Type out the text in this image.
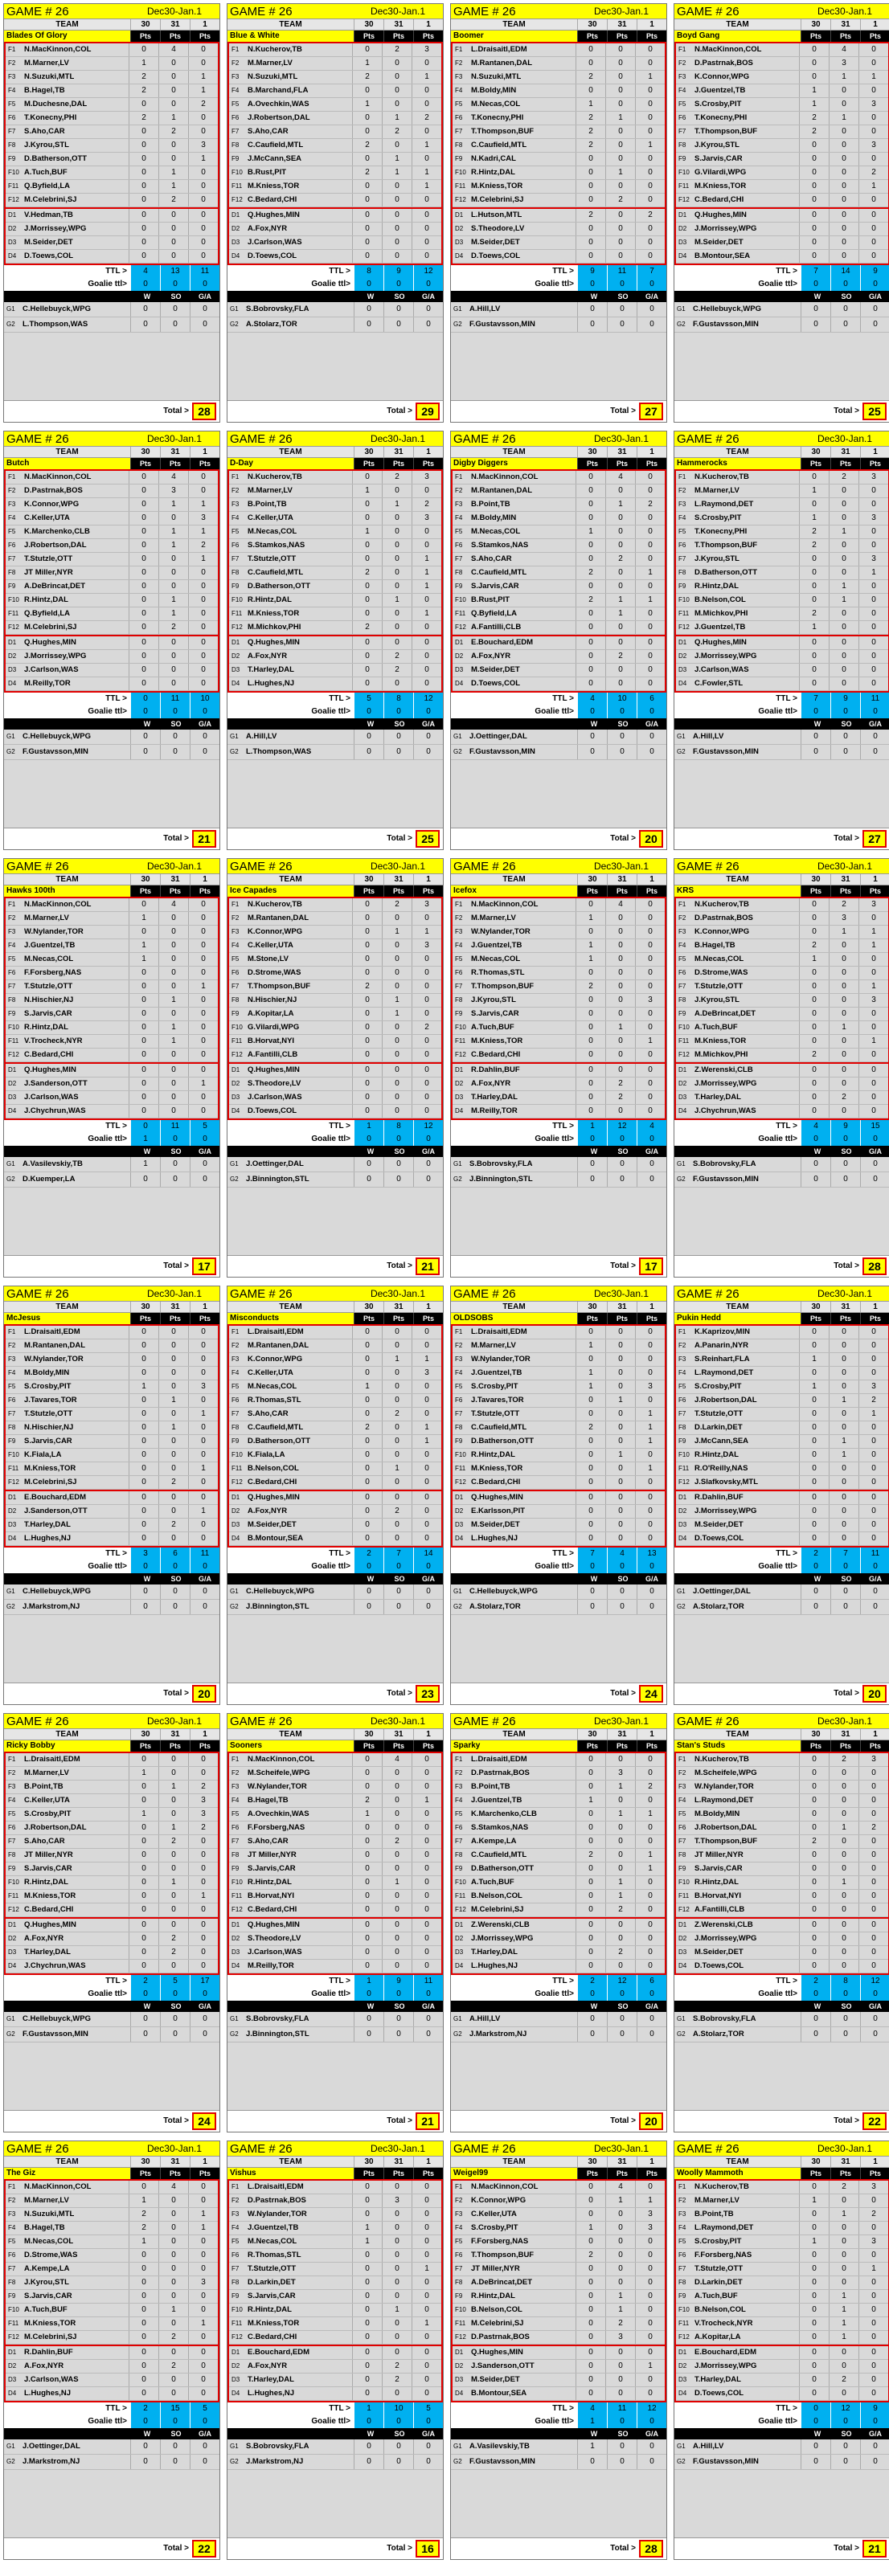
GAME # 26	Dec30-Jan.1
TEAM	30	31	1
Blades Of Glory	Pts	Pts	Pts
F1	N.MacKinnon,COL	0	4	0
F2	M.Marner,LV	1	0	0
F3	N.Suzuki,MTL	2	0	1
F4	B.Hagel,TB	2	0	1
F5	M.Duchesne,DAL	0	0	2
F6	T.Konecny,PHI	2	1	0
F7	S.Aho,CAR	0	2	0
F8	J.Kyrou,STL	0	0	3
F9	D.Batherson,OTT	0	0	1
F10 A.Tuch,BUF	0	1	0
F11 Q.Byfield,LA	0	1	0
F12 M.Celebrini,SJ	0	2	0
D1	V.Hedman,TB	0	0	0
D2	J.Morrissey,WPG	0	0	0
D3	M.Seider,DET	0	0	0
D4	D.Toews,COL	0	0	0
TTL >	4	13	11
Goalie ttl>	0	0	0
W	SO	G/A
G1 C.Hellebuyck,WPG	0	0	0
G2 L.Thompson,WAS	0	0	0
Total > 28
GAME # 26	Dec30-Jan.1
TEAM	30	31	1
Blue & White	Pts	Pts	Pts
F1	N.Kucherov,TB	0	2	3
F2	M.Marner,LV	1	0	0
F3	N.Suzuki,MTL	2	0	1
F4	B.Marchand,FLA	0	0	0
F5	A.Ovechkin,WAS	1	0	0
F6	J.Robertson,DAL	0	1	2
F7	S.Aho,CAR	0	2	0
F8	C.Caufield,MTL	2	0	1
F9	J.McCann,SEA	0	1	0
F10 B.Rust,PIT	2	1	1
F11 M.Kniess,TOR	0	0	1
F12 C.Bedard,CHI	0	0	0
D1	Q.Hughes,MIN	0	0	0
D2	A.Fox,NYR	0	0	0
D3	J.Carlson,WAS	0	0	0
D4	D.Toews,COL	0	0	0
TTL >	8	9	12
Goalie ttl>	0	0	0
W	SO	G/A
G1 S.Bobrovsky,FLA	0	0	0
G2 A.Stolarz,TOR	0	0	0
Total > 29
GAME # 26	Dec30-Jan.1
TEAM	30	31	1
Boomer	Pts	Pts	Pts
F1	L.Draisaitl,EDM	0	0	0
F2	M.Rantanen,DAL	0	0	0
F3	N.Suzuki,MTL	2	0	1
F4	M.Boldy,MIN	0	0	0
F5	M.Necas,COL	1	0	0
F6	T.Konecny,PHI	2	1	0
F7	T.Thompson,BUF	2	0	0
F8	C.Caufield,MTL	2	0	1
F9	N.Kadri,CAL	0	0	0
F10 R.Hintz,DAL	0	1	0
F11 M.Kniess,TOR	0	0	0
F12 M.Celebrini,SJ	0	2	0
D1	L.Hutson,MTL	2	0	2
D2	S.Theodore,LV	0	0	0
D3	M.Seider,DET	0	0	0
D4	D.Toews,COL	0	0	0
TTL >	9	11	7
Goalie ttl>	0	0	0
W	SO	G/A
G1 A.Hill,LV	0	0	0
G2 F.Gustavsson,MIN	0	0	0
Total > 27
GAME # 26	Dec30-Jan.1
TEAM	30	31	1
Boyd Gang	Pts	Pts	Pts
F1	N.MacKinnon,COL	0	4	0
F2	D.Pastrnak,BOS	0	3	0
F3	K.Connor,WPG	0	1	1
F4	J.Guentzel,TB	1	0	0
F5	S.Crosby,PIT	1	0	3
F6	T.Konecny,PHI	2	1	0
F7	T.Thompson,BUF	2	0	0
F8	J.Kyrou,STL	0	0	3
F9	S.Jarvis,CAR	0	0	0
F10 G.Vilardi,WPG	0	0	2
F11 M.Kniess,TOR	0	0	1
F12 C.Bedard,CHI	0	0	0
D1	Q.Hughes,MIN	0	0	0
D2	J.Morrissey,WPG	0	0	0
D3	M.Seider,DET	0	0	0
D4	B.Montour,SEA	0	0	0
TTL >	7	14	9
Goalie ttl>	0	0	0
W	SO	G/A
G1 C.Hellebuyck,WPG	0	0	0
G2 F.Gustavsson,MIN	0	0	0
Total > 25
GAME # 26	Dec30-Jan.1
TEAM	30	31	1
Butch	Pts	Pts	Pts
F1	N.MacKinnon,COL	0	4	0
F2	D.Pastrnak,BOS	0	3	0
F3	K.Connor,WPG	0	1	1
F4	C.Keller,UTA	0	0	3
F5	K.Marchenko,CLB	0	1	1
F6	J.Robertson,DAL	0	1	2
F7	T.Stutzle,OTT	0	0	1
F8	JT Miller,NYR	0	0	0
F9	A.DeBrincat,DET	0	0	0
F10 R.Hintz,DAL	0	1	0
F11 Q.Byfield,LA	0	1	0
F12 M.Celebrini,SJ	0	2	0
D1	Q.Hughes,MIN	0	0	0
D2	J.Morrissey,WPG	0	0	0
D3	J.Carlson,WAS	0	0	0
D4	M.Reilly,TOR	0	0	0
TTL >	0	11	10
Goalie ttl>	0	0	0
W	SO	G/A
G1 C.Hellebuyck,WPG	0	0	0
G2 F.Gustavsson,MIN	0	0	0
Total > 21
GAME # 26	Dec30-Jan.1
TEAM	30	31	1
D-Day	Pts	Pts	Pts
F1	N.Kucherov,TB	0	2	3
F2	M.Marner,LV	1	0	0
F3	B.Point,TB	0	1	2
F4	C.Keller,UTA	0	0	3
F5	M.Necas,COL	1	0	0
F6	S.Stamkos,NAS	0	0	0
F7	T.Stutzle,OTT	0	0	1
F8	C.Caufield,MTL	2	0	1
F9	D.Batherson,OTT	0	0	1
F10 R.Hintz,DAL	0	1	0
F11 M.Kniess,TOR	0	0	1
F12 M.Michkov,PHI	2	0	0
D1	Q.Hughes,MIN	0	0	0
D2	A.Fox,NYR	0	2	0
D3	T.Harley,DAL	0	2	0
D4	L.Hughes,NJ	0	0	0
TTL >	5	8	12
Goalie ttl>	0	0	0
W	SO	G/A
G1 A.Hill,LV	0	0	0
G2 L.Thompson,WAS	0	0	0
Total > 25
GAME # 26	Dec30-Jan.1
TEAM	30	31	1
Digby Diggers	Pts	Pts	Pts
F1	N.MacKinnon,COL	0	4	0
F2	M.Rantanen,DAL	0	0	0
F3	B.Point,TB	0	1	2
F4	M.Boldy,MIN	0	0	0
F5	M.Necas,COL	1	0	0
F6	S.Stamkos,NAS	0	0	0
F7	S.Aho,CAR	0	2	0
F8	C.Caufield,MTL	2	0	1
F9	S.Jarvis,CAR	0	0	0
F10 B.Rust,PIT	2	1	1
F11 Q.Byfield,LA	0	1	0
F12 A.Fantilli,CLB	0	0	0
D1	E.Bouchard,EDM	0	0	0
D2	A.Fox,NYR	0	2	0
D3	M.Seider,DET	0	0	0
D4	D.Toews,COL	0	0	0
TTL >	4	10	6
Goalie ttl>	0	0	0
W	SO	G/A
G1 J.Oettinger,DAL	0	0	0
G2 F.Gustavsson,MIN	0	0	0
Total > 20
GAME # 26	Dec30-Jan.1
TEAM	30	31	1
Hammerocks	Pts	Pts	Pts
F1	N.Kucherov,TB	0	2	3
F2	M.Marner,LV	1	0	0
F3	L.Raymond,DET	0	0	0
F4	S.Crosby,PIT	1	0	3
F5	T.Konecny,PHI	2	1	0
F6	T.Thompson,BUF	2	0	0
F7	J.Kyrou,STL	0	0	3
F8	D.Batherson,OTT	0	0	1
F9	R.Hintz,DAL	0	1	0
F10 B.Nelson,COL	0	1	0
F11 M.Michkov,PHI	2	0	0
F12 J.Guentzel,TB	1	0	0
D1	Q.Hughes,MIN	0	0	0
D2	J.Morrissey,WPG	0	0	0
D3	J.Carlson,WAS	0	0	0
D4	C.Fowler,STL	0	0	0
TTL >	7	9	11
Goalie ttl>	0	0	0
W	SO	G/A
G1 A.Hill,LV	0	0	0
G2 F.Gustavsson,MIN	0	0	0
Total > 27
GAME # 26	Dec30-Jan.1
TEAM	30	31	1
Hawks 100th	Pts	Pts	Pts
F1	N.MacKinnon,COL	0	4	0
F2	M.Marner,LV	1	0	0
F3	W.Nylander,TOR	0	0	0
F4	J.Guentzel,TB	1	0	0
F5	M.Necas,COL	1	0	0
F6	F.Forsberg,NAS	0	0	0
F7	T.Stutzle,OTT	0	0	1
F8	N.Hischier,NJ	0	1	0
F9	S.Jarvis,CAR	0	0	0
F10 R.Hintz,DAL	0	1	0
F11 V.Trocheck,NYR	0	1	0
F12 C.Bedard,CHI	0	0	0
D1	Q.Hughes,MIN	0	0	0
D2	J.Sanderson,OTT	0	0	1
D3	J.Carlson,WAS	0	0	0
D4	J.Chychrun,WAS	0	0	0
TTL >	0	11	5
Goalie ttl>	1	0	0
W	SO	G/A
G1 A.Vasilevskiy,TB	1	0	0
G2 D.Kuemper,LA	0	0	0
Total > 17
GAME # 26	Dec30-Jan.1
TEAM	30	31	1
Ice Capades	Pts	Pts	Pts
F1	N.Kucherov,TB	0	2	3
F2	M.Rantanen,DAL	0	0	0
F3	K.Connor,WPG	0	1	1
F4	C.Keller,UTA	0	0	3
F5	M.Stone,LV	0	0	0
F6	D.Strome,WAS	0	0	0
F7	T.Thompson,BUF	2	0	0
F8	N.Hischier,NJ	0	1	0
F9	A.Kopitar,LA	0	1	0
F10 G.Vilardi,WPG	0	0	2
F11 B.Horvat,NYI	0	0	0
F12 A.Fantilli,CLB	0	0	0
D1	Q.Hughes,MIN	0	0	0
D2	S.Theodore,LV	0	0	0
D3	J.Carlson,WAS	0	0	0
D4	D.Toews,COL	0	0	0
TTL >	1	8	12
Goalie ttl>	0	0	0
W	SO	G/A
G1 J.Oettinger,DAL	0	0	0
G2 J.Binnington,STL	0	0	0
Total > 21
GAME # 26	Dec30-Jan.1
TEAM	30	31	1
Icefox	Pts	Pts	Pts
F1	N.MacKinnon,COL	0	4	0
F2	M.Marner,LV	1	0	0
F3	W.Nylander,TOR	0	0	0
F4	J.Guentzel,TB	1	0	0
F5	M.Necas,COL	1	0	0
F6	R.Thomas,STL	0	0	0
F7	T.Thompson,BUF	2	0	0
F8	J.Kyrou,STL	0	0	3
F9	S.Jarvis,CAR	0	0	0
F10 A.Tuch,BUF	0	1	0
F11 M.Kniess,TOR	0	0	1
F12 C.Bedard,CHI	0	0	0
D1	R.Dahlin,BUF	0	0	0
D2	A.Fox,NYR	0	2	0
D3	T.Harley,DAL	0	2	0
D4	M.Reilly,TOR	0	0	0
TTL >	1	12	4
Goalie ttl>	0	0	0
W	SO	G/A
G1 S.Bobrovsky,FLA	0	0	0
G2 J.Binnington,STL	0	0	0
Total > 17
GAME # 26	Dec30-Jan.1
TEAM	30	31	1
KRS	Pts	Pts	Pts
F1	N.Kucherov,TB	0	2	3
F2	D.Pastrnak,BOS	0	3	0
F3	K.Connor,WPG	0	1	1
F4	B.Hagel,TB	2	0	1
F5	M.Necas,COL	1	0	0
F6	D.Strome,WAS	0	0	0
F7	T.Stutzle,OTT	0	0	1
F8	J.Kyrou,STL	0	0	3
F9	A.DeBrincat,DET	0	0	0
F10 A.Tuch,BUF	0	1	0
F11 M.Kniess,TOR	0	0	1
F12 M.Michkov,PHI	2	0	0
D1	Z.Werenski,CLB	0	0	0
D2	J.Morrissey,WPG	0	0	0
D3	T.Harley,DAL	0	2	0
D4	J.Chychrun,WAS	0	0	0
TTL >	4	9	15
Goalie ttl>	0	0	0
W	SO	G/A
G1 S.Bobrovsky,FLA	0	0	0
G2 F.Gustavsson,MIN	0	0	0
Total > 28
GAME # 26	Dec30-Jan.1
TEAM	30	31	1
McJesus	Pts	Pts	Pts
F1	L.Draisaitl,EDM	0	0	0
F2	M.Rantanen,DAL	0	0	0
F3	W.Nylander,TOR	0	0	0
F4	M.Boldy,MIN	0	0	0
F5	S.Crosby,PIT	1	0	3
F6	J.Tavares,TOR	0	1	0
F7	T.Stutzle,OTT	0	0	1
F8	N.Hischier,NJ	0	1	0
F9	S.Jarvis,CAR	0	0	0
F10 K.Fiala,LA	0	0	0
F11 M.Kniess,TOR	0	0	1
F12 M.Celebrini,SJ	0	2	0
D1	E.Bouchard,EDM	0	0	0
D2	J.Sanderson,OTT	0	0	1
D3	T.Harley,DAL	0	2	0
D4	L.Hughes,NJ	0	0	0
TTL >	3	6	11
Goalie ttl>	0	0	0
W	SO	G/A
G1 C.Hellebuyck,WPG	0	0	0
G2 J.Markstrom,NJ	0	0	0
Total > 20
GAME # 26	Dec30-Jan.1
TEAM	30	31	1
Misconducts	Pts	Pts	Pts
F1	L.Draisaitl,EDM	0	0	0
F2	M.Rantanen,DAL	0	0	0
F3	K.Connor,WPG	0	1	1
F4	C.Keller,UTA	0	0	3
F5	M.Necas,COL	1	0	0
F6	R.Thomas,STL	0	0	0
F7	S.Aho,CAR	0	2	0
F8	C.Caufield,MTL	2	0	1
F9	D.Batherson,OTT	0	0	1
F10 K.Fiala,LA	0	0	0
F11 B.Nelson,COL	0	1	0
F12 C.Bedard,CHI	0	0	0
D1	Q.Hughes,MIN	0	0	0
D2	A.Fox,NYR	0	2	0
D3	M.Seider,DET	0	0	0
D4	B.Montour,SEA	0	0	0
TTL >	2	7	14
Goalie ttl>	0	0	0
W	SO	G/A
G1 C.Hellebuyck,WPG	0	0	0
G2 J.Binnington,STL	0	0	0
Total > 23
GAME # 26	Dec30-Jan.1
TEAM	30	31	1
OLDSOBS	Pts	Pts	Pts
F1	L.Draisaitl,EDM	0	0	0
F2	M.Marner,LV	1	0	0
F3	W.Nylander,TOR	0	0	0
F4	J.Guentzel,TB	1	0	0
F5	S.Crosby,PIT	1	0	3
F6	J.Tavares,TOR	0	1	0
F7	T.Stutzle,OTT	0	0	1
F8	C.Caufield,MTL	2	0	1
F9	D.Batherson,OTT	0	0	1
F10 R.Hintz,DAL	0	1	0
F11 M.Kniess,TOR	0	0	1
F12 C.Bedard,CHI	0	0	0
D1	Q.Hughes,MIN	0	0	0
D2	E.Karlsson,PIT	0	0	0
D3	M.Seider,DET	0	0	0
D4	L.Hughes,NJ	0	0	0
TTL >	7	4	13
Goalie ttl>	0	0	0
W	SO	G/A
G1 C.Hellebuyck,WPG	0	0	0
G2 A.Stolarz,TOR	0	0	0
Total > 24
GAME # 26	Dec30-Jan.1
TEAM	30	31	1
Pukin Hedd	Pts	Pts	Pts
F1	K.Kaprizov,MIN	0	0	0
F2	A.Panarin,NYR	0	0	0
F3	S.Reinhart,FLA	1	0	0
F4	L.Raymond,DET	0	0	0
F5	S.Crosby,PIT	1	0	3
F6	J.Robertson,DAL	0	1	2
F7	T.Stutzle,OTT	0	0	1
F8	D.Larkin,DET	0	0	0
F9	J.McCann,SEA	0	1	0
F10 R.Hintz,DAL	0	1	0
F11 R.O'Reilly,NAS	0	0	0
F12 J.Slafkovsky,MTL	0	0	0
D1	R.Dahlin,BUF	0	0	0
D2	J.Morrissey,WPG	0	0	0
D3	M.Seider,DET	0	0	0
D4	D.Toews,COL	0	0	0
TTL >	2	7	11
Goalie ttl>	0	0	0
W	SO	G/A
G1 J.Oettinger,DAL	0	0	0
G2 A.Stolarz,TOR	0	0	0
Total > 20
GAME # 26	Dec30-Jan.1
TEAM	30	31	1
Ricky Bobby	Pts	Pts	Pts
F1	L.Draisaitl,EDM	0	0	0
F2	M.Marner,LV	1	0	0
F3	B.Point,TB	0	1	2
F4	C.Keller,UTA	0	0	3
F5	S.Crosby,PIT	1	0	3
F6	J.Robertson,DAL	0	1	2
F7	S.Aho,CAR	0	2	0
F8	JT Miller,NYR	0	0	0
F9	S.Jarvis,CAR	0	0	0
F10 R.Hintz,DAL	0	1	0
F11 M.Kniess,TOR	0	0	1
F12 C.Bedard,CHI	0	0	0
D1	Q.Hughes,MIN	0	0	0
D2	A.Fox,NYR	0	2	0
D3	T.Harley,DAL	0	2	0
D4	J.Chychrun,WAS	0	0	0
TTL >	2	5	17
Goalie ttl>	0	0	0
W	SO	G/A
G1 C.Hellebuyck,WPG	0	0	0
G2 F.Gustavsson,MIN	0	0	0
Total > 24
GAME # 26	Dec30-Jan.1
TEAM	30	31	1
Sooners	Pts	Pts	Pts
F1	N.MacKinnon,COL	0	4	0
F2	M.Scheifele,WPG	0	0	0
F3	W.Nylander,TOR	0	0	0
F4	B.Hagel,TB	2	0	1
F5	A.Ovechkin,WAS	1	0	0
F6	F.Forsberg,NAS	0	0	0
F7	S.Aho,CAR	0	2	0
F8	JT Miller,NYR	0	0	0
F9	S.Jarvis,CAR	0	0	0
F10 R.Hintz,DAL	0	1	0
F11 B.Horvat,NYI	0	0	0
F12 C.Bedard,CHI	0	0	0
D1	Q.Hughes,MIN	0	0	0
D2	S.Theodore,LV	0	0	0
D3	J.Carlson,WAS	0	0	0
D4	M.Reilly,TOR	0	0	0
TTL >	1	9	11
Goalie ttl>	0	0	0
W	SO	G/A
G1 S.Bobrovsky,FLA	0	0	0
G2 J.Binnington,STL	0	0	0
Total > 21
GAME # 26	Dec30-Jan.1
TEAM	30	31	1
Sparky	Pts	Pts	Pts
F1	L.Draisaitl,EDM	0	0	0
F2	D.Pastrnak,BOS	0	3	0
F3	B.Point,TB	0	1	2
F4	J.Guentzel,TB	1	0	0
F5	K.Marchenko,CLB	0	1	1
F6	S.Stamkos,NAS	0	0	0
F7	A.Kempe,LA	0	0	0
F8	C.Caufield,MTL	2	0	1
F9	D.Batherson,OTT	0	0	1
F10 A.Tuch,BUF	0	1	0
F11 B.Nelson,COL	0	1	0
F12 M.Celebrini,SJ	0	2	0
D1	Z.Werenski,CLB	0	0	0
D2	J.Morrissey,WPG	0	0	0
D3	T.Harley,DAL	0	2	0
D4	L.Hughes,NJ	0	0	0
TTL >	2	12	6
Goalie ttl>	0	0	0
W	SO	G/A
G1 A.Hill,LV	0	0	0
G2 J.Markstrom,NJ	0	0	0
Total > 20
GAME # 26	Dec30-Jan.1
TEAM	30	31	1
Stan's Studs	Pts	Pts	Pts
F1	N.Kucherov,TB	0	2	3
F2	M.Scheifele,WPG	0	0	0
F3	W.Nylander,TOR	0	0	0
F4	L.Raymond,DET	0	0	0
F5	M.Boldy,MIN	0	0	0
F6	J.Robertson,DAL	0	1	2
F7	T.Thompson,BUF	2	0	0
F8	JT Miller,NYR	0	0	0
F9	S.Jarvis,CAR	0	0	0
F10 R.Hintz,DAL	0	1	0
F11 B.Horvat,NYI	0	0	0
F12 A.Fantilli,CLB	0	0	0
D1	Z.Werenski,CLB	0	0	0
D2	J.Morrissey,WPG	0	0	0
D3	M.Seider,DET	0	0	0
D4	D.Toews,COL	0	0	0
TTL >	2	8	12
Goalie ttl>	0	0	0
W	SO	G/A
G1 S.Bobrovsky,FLA	0	0	0
G2 A.Stolarz,TOR	0	0	0
Total > 22
GAME # 26	Dec30-Jan.1
TEAM	30	31	1
The Giz	Pts	Pts	Pts
F1	N.MacKinnon,COL	0	4	0
F2	M.Marner,LV	1	0	0
F3	N.Suzuki,MTL	2	0	1
F4	B.Hagel,TB	2	0	1
F5	M.Necas,COL	1	0	0
F6	D.Strome,WAS	0	0	0
F7	A.Kempe,LA	0	0	0
F8	J.Kyrou,STL	0	0	3
F9	S.Jarvis,CAR	0	0	0
F10 A.Tuch,BUF	0	1	0
F11 M.Kniess,TOR	0	0	1
F12 M.Celebrini,SJ	0	2	0
D1	R.Dahlin,BUF	0	0	0
D2	A.Fox,NYR	0	2	0
D3	J.Carlson,WAS	0	0	0
D4	L.Hughes,NJ	0	0	0
TTL >	2	15	5
Goalie ttl>	0	0	0
W	SO	G/A
G1 J.Oettinger,DAL	0	0	0
G2 J.Markstrom,NJ	0	0	0
Total > 22
GAME # 26	Dec30-Jan.1
TEAM	30	31	1
Vishus	Pts	Pts	Pts
F1	L.Draisaitl,EDM	0	0	0
F2	D.Pastrnak,BOS	0	3	0
F3	W.Nylander,TOR	0	0	0
F4	J.Guentzel,TB	1	0	0
F5	M.Necas,COL	1	0	0
F6	R.Thomas,STL	0	0	0
F7	T.Stutzle,OTT	0	0	1
F8	D.Larkin,DET	0	0	0
F9	S.Jarvis,CAR	0	0	0
F10 R.Hintz,DAL	0	1	0
F11 M.Kniess,TOR	0	0	1
F12 C.Bedard,CHI	0	0	0
D1	E.Bouchard,EDM	0	0	0
D2	A.Fox,NYR	0	2	0
D3	T.Harley,DAL	0	2	0
D4	L.Hughes,NJ	0	0	0
TTL >	1	10	5
Goalie ttl>	0	0	0
W	SO	G/A
G1 S.Bobrovsky,FLA	0	0	0
G2 J.Markstrom,NJ	0	0	0
Total > 16
GAME # 26	Dec30-Jan.1
TEAM	30	31	1
Weigel99	Pts	Pts	Pts
F1	N.MacKinnon,COL	0	4	0
F2	K.Connor,WPG	0	1	1
F3	C.Keller,UTA	0	0	3
F4	S.Crosby,PIT	1	0	3
F5	F.Forsberg,NAS	0	0	0
F6	T.Thompson,BUF	2	0	0
F7	JT Miller,NYR	0	0	0
F8	A.DeBrincat,DET	0	0	0
F9	R.Hintz,DAL	0	1	0
F10 B.Nelson,COL	0	1	0
F11 M.Celebrini,SJ	0	2	0
F12 D.Pastrnak,BOS	0	3	0
D1	Q.Hughes,MIN	0	0	0
D2	J.Sanderson,OTT	0	0	1
D3	M.Seider,DET	0	0	0
D4	B.Montour,SEA	0	0	0
TTL >	4	11	12
Goalie ttl>	1	0	0
W	SO	G/A
G1 A.Vasilevskiy,TB	1	0	0
G2 F.Gustavsson,MIN	0	0	0
Total > 28
GAME # 26	Dec30-Jan.1
TEAM	30	31	1
Woolly Mammoth	Pts	Pts	Pts
F1	N.Kucherov,TB	0	2	3
F2	M.Marner,LV	1	0	0
F3	B.Point,TB	0	1	2
F4	L.Raymond,DET	0	0	0
F5	S.Crosby,PIT	1	0	3
F6	F.Forsberg,NAS	0	0	0
F7	T.Stutzle,OTT	0	0	1
F8	D.Larkin,DET	0	0	0
F9	A.Tuch,BUF	0	1	0
F10 B.Nelson,COL	0	1	0
F11 V.Trocheck,NYR	0	1	0
F12 A.Kopitar,LA	0	1	0
D1	E.Bouchard,EDM	0	0	0
D2	J.Morrissey,WPG	0	0	0
D3	T.Harley,DAL	0	2	0
D4	D.Toews,COL	0	0	0
TTL >	0	12	9
Goalie ttl>	0	0	0
W	SO	G/A
G1 A.Hill,LV	0	0	0
G2 F.Gustavsson,MIN	0	0	0
Total > 21
